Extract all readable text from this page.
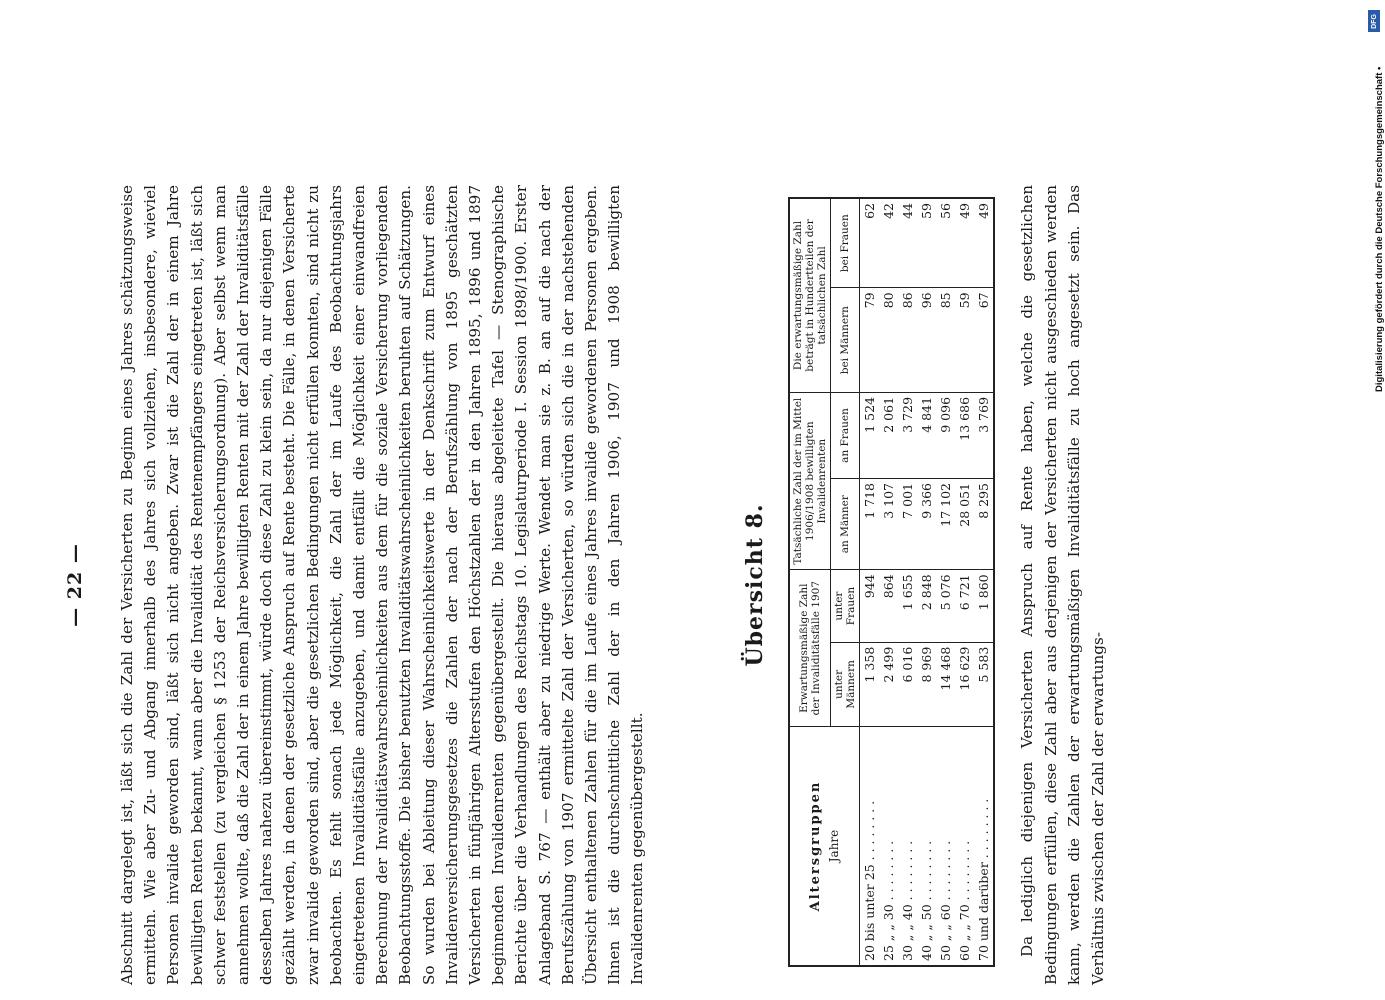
— 22 — Abschnitt dargelegt ist, läßt sich die Zahl der Versicherten zu Beginn eines Jahres schätzungsweise ermitteln. Wie aber Zu- und Abgang innerhalb des Jahres sich vollziehen, insbesondere, wieviel Personen invalide geworden sind, läßt sich nicht angeben. Zwar ist die Zahl der in einem Jahre bewilligten Renten bekannt, wann aber die Invalidität des Rentenempfängers eingetreten ist, läßt sich schwer feststellen (zu vergleichen § 1253 der Reichsversicherungsordnung). Aber selbst wenn man annehmen wollte, daß die Zahl der in einem Jahre bewilligten Renten mit der Zahl der Invaliditätsfälle desselben Jahres nahezu übereinstimmt, würde doch diese Zahl zu klein sein, da nur diejenigen Fälle gezählt werden, in denen der gesetzliche Anspruch auf Rente besteht. Die Fälle, in denen Versicherte zwar invalide geworden sind, aber die gesetzlichen Bedingungen nicht erfüllen konnten, sind nicht zu beobachten. Es fehlt sonach jede Möglichkeit, die Zahl der im Laufe des Beobachtungsjahrs eingetretenen Invaliditätsfälle anzugeben, und damit entfällt die Möglichkeit einer einwandfreien Berechnung der Invaliditätswahrscheinlichkeiten aus dem für die soziale Versicherung vorliegenden Beobachtungsstoffe. Die bisher benutzten Invaliditätswahrscheinlichkeiten beruhten auf Schätzungen. So wurden bei Ableitung dieser Wahrscheinlichkeitswerte in der Denkschrift zum Entwurf eines Invalidenversicherungsgesetzes die Zahlen der nach der Berufszählung von 1895 geschätzten Versicherten in fünfjährigen Altersstufen den Höchstzahlen der in den Jahren 1895, 1896 und 1897 beginnenden Invalidenrenten gegenübergestellt. Die hieraus abgeleitete Tafel — Stenographische Berichte über die Verhandlungen des Reichstags 10. Legislaturperiode I. Session 1898/1900. Erster Anlageband S. 767 — enthält aber zu niedrige Werte. Wendet man sie z. B. an auf die nach der Berufszählung von 1907 ermittelte Zahl der Versicherten, so würden sich die in der nachstehenden Übersicht enthaltenen Zahlen für die im Laufe eines Jahres invalide gewordenen Personen ergeben. Ihnen ist die durchschnittliche Zahl der in den Jahren 1906, 1907 und 1908 bewilligten Invalidenrenten gegenübergestellt.

Übersicht 8.
Altersgruppen Jahre	Erwartungsmäßige Zahl der Invaliditätsfälle 1907		Tatsächliche Zahl der im Mittel 1906/1908 bewilligten Invalidenrenten		Die erwartungsmäßige Zahl beträgt in Hundertteilen der tatsächlichen Zahl	
	unter Männern	unter Frauen	an Männer	an Frauen	bei Männern	bei Frauen
20 bis unter 25 . . . . . . . .	1 358	944	1 718	1 524	79	62
25 „ „ 30 . . . . . . . .	2 499	864	3 107	2 061	80	42
30 „ „ 40 . . . . . . . .	6 016	1 655	7 001	3 729	86	44
40 „ „ 50 . . . . . . . .	8 969	2 848	9 366	4 841	96	59
50 „ „ 60 . . . . . . . .	14 468	5 076	17 102	9 096	85	56
60 „ „ 70 . . . . . . . .	16 629	6 721	28 051	13 686	59	49
70 und darüber . . . . . . . .	5 583	1 860	8 295	3 769	67	49 Da lediglich diejenigen Versicherten Anspruch auf Rente haben, welche die gesetzlichen Bedingungen erfüllen, diese Zahl aber aus derjenigen der Versicherten nicht ausgeschieden werden kann, werden die Zahlen der erwartungsmäßigen Invaliditätsfälle zu hoch angesetzt sein. Das Verhältnis zwischen der Zahl der erwartungs-

DFG
Digitalisierung gefördert durch die Deutsche Forschungsgemeinschaft •
